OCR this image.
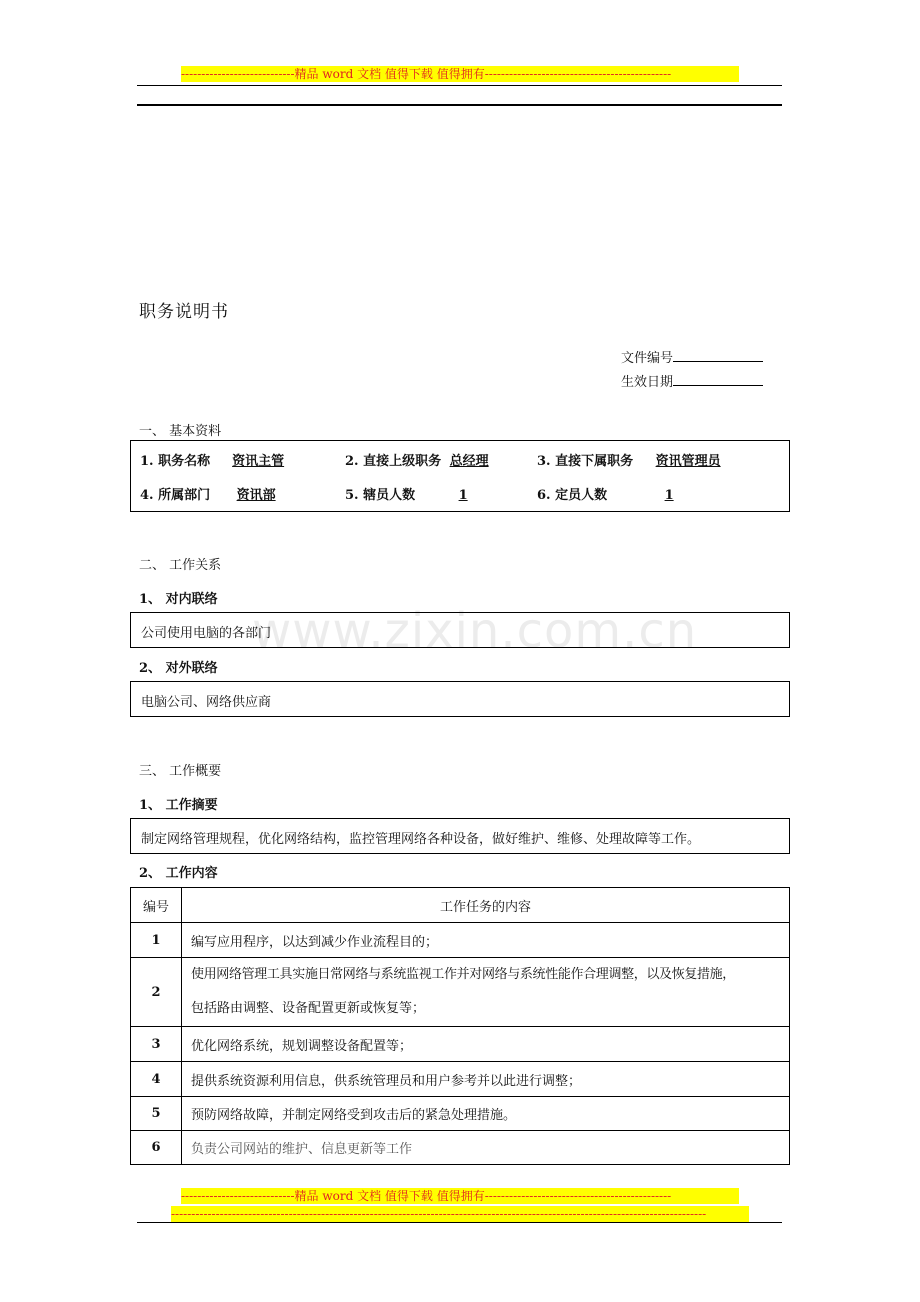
----------------------------精品 word 文档 值得下载 值得拥有----------------------------------------------
职务说明书
文件编号
生效日期
一、 基本资料
1. 职务名称 资讯主管	2. 直接上级职务 总经理	3. 直接下属职务 资讯管理员
4. 所属部门 资讯部	5. 辖员人数	1	6. 定员人数	1
www.zixin.com.cn
二、 工作关系
1、 对内联络
公司使用电脑的各部门
2、 对外联络
电脑公司、网络供应商
三、 工作概要
1、 工作摘要
制定网络管理规程，优化网络结构，监控管理网络各种设备，做好维护、维修、处理故障等工作。
2、 工作内容
编号	工作任务的内容
1	编写应用程序，以达到减少作业流程目的；
2	使用网络管理工具实施日常网络与系统监视工作并对网络与系统性能作合理调整，以及恢复措施，
包括路由调整、设备配置更新或恢复等；

3	优化网络系统，规划调整设备配置等；
4	提供系统资源利用信息，供系统管理员和用户参考并以此进行调整；
5	预防网络故障，并制定网络受到攻击后的紧急处理措施。
6	负责公司网站的维护、信息更新等工作
----------------------------精品 word 文档 值得下载 值得拥有----------------------------------------------
------------------------------------------------------------------------------------------------------------------------------------
